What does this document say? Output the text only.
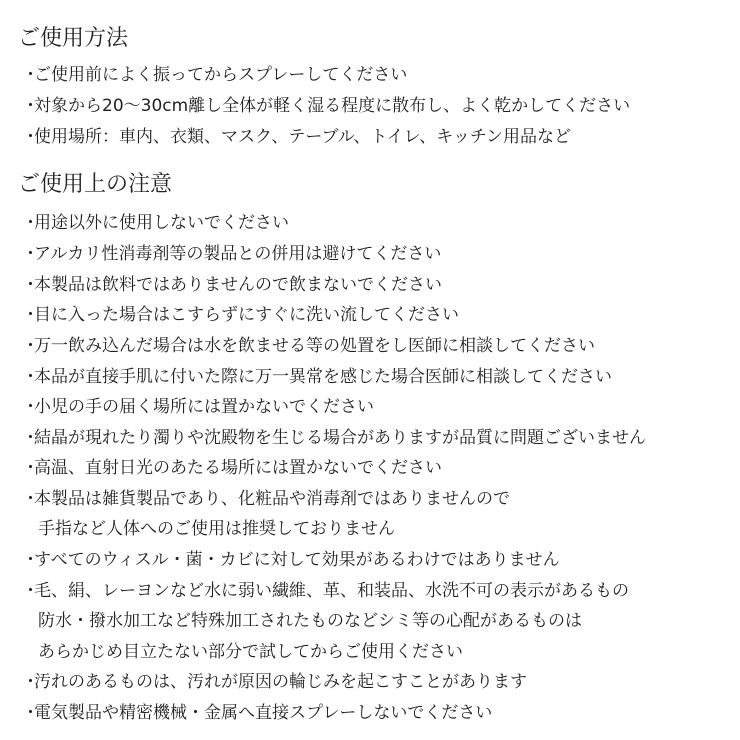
ご使用方法
・ご使用前によく振ってからスプレーしてください
・対象から20～30cm離し全体が軽く湿る程度に散布し、よく乾かしてください
・使用場所：車内、衣類、マスク、テーブル、トイレ、キッチン用品など
ご使用上の注意
・用途以外に使用しないでください
・アルカリ性消毒剤等の製品との併用は避けてください
・本製品は飲料ではありませんので飲まないでください
・目に入った場合はこすらずにすぐに洗い流してください
・万一飲み込んだ場合は水を飲ませる等の処置をし医師に相談してください
・本品が直接手肌に付いた際に万一異常を感じた場合医師に相談してください
・小児の手の届く場所には置かないでください
・結晶が現れたり濁りや沈殿物を生じる場合がありますが品質に問題ございません
・高温、直射日光のあたる場所には置かないでください
・本製品は雑貨製品であり、化粧品や消毒剤ではありませんので
手指など人体へのご使用は推奨しておりません
・すべてのウィスル・菌・カビに対して効果があるわけではありません
・毛、絹、レーヨンなど水に弱い繊維、革、和装品、水洗不可の表示があるもの
防水・撥水加工など特殊加工されたものなどシミ等の心配があるものは
あらかじめ目立たない部分で試してからご使用ください
・汚れのあるものは、汚れが原因の輪じみを起こすことがあります
・電気製品や精密機械・金属へ直接スプレーしないでください
